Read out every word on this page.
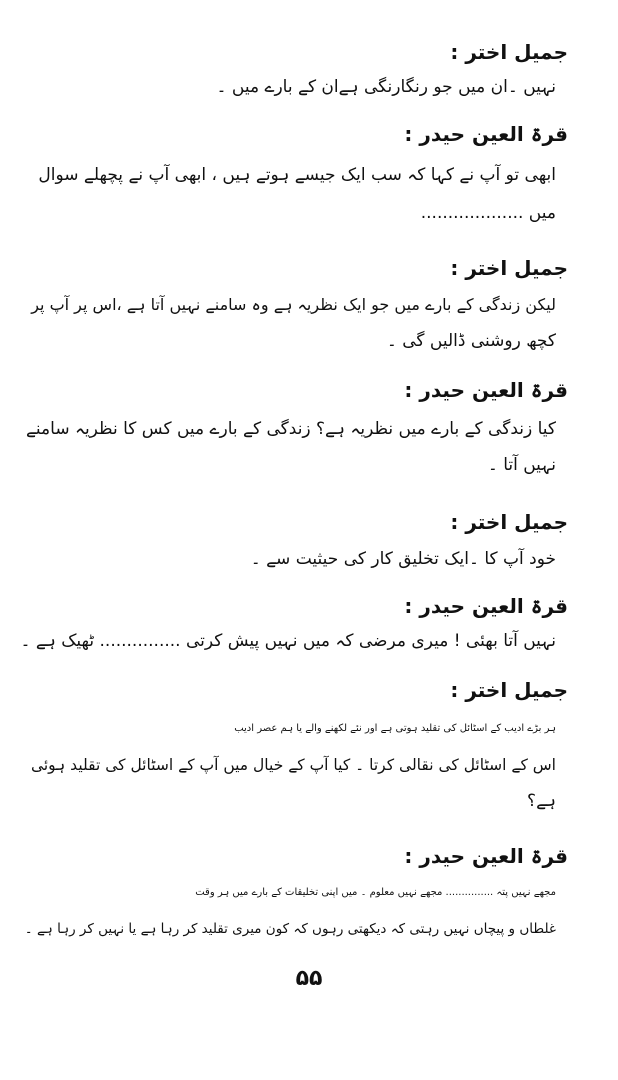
جمیل اختر :
نہیں ۔ان میں جو رنگارنگی ہےان کے بارے میں ۔
قرۃ العین حیدر :
ابھی تو آپ نے کہا کہ سب ایک جیسے ہوتے ہیں ، ابھی آپ نے پچھلے سوال
میں ...................
جمیل اختر :
لیکن زندگی کے بارے میں جو ایک نظریہ ہے وہ سامنے نہیں آتا ہے ،اس پر آپ پر
کچھ روشنی ڈالیں گی ۔
قرۃ العین حیدر :
کیا زندگی کے بارے میں نظریہ ہے؟ زندگی کے بارے میں کس کا نظریہ سامنے
نہیں آتا ۔
جمیل اختر :
خود آپ کا ۔ایک تخلیق کار کی حیثیت سے ۔
قرۃ العین حیدر :
نہیں آتا بھئی ! میری مرضی کہ میں نہیں پیش کرتی ............... ٹھیک ہے ۔
جمیل اختر :
ہر بڑے ادیب کے اسٹائل کی تقلید ہوتی ہے اور نئے لکھنے والے یا ہم عصر ادیب
اس کے اسٹائل کی نقالی کرتا ۔ کیا آپ کے خیال میں آپ کے اسٹائل کی تقلید ہوئی
ہے؟
قرۃ العین حیدر :
مجھے نہیں پتہ ............... مجھے نہیں معلوم ۔ میں اپنی تخلیقات کے بارے میں ہر وقت
غلطاں و پیچاں نہیں رہتی کہ دیکھتی رہوں کہ کون میری تقلید کر رہا ہے یا نہیں کر رہا ہے ۔
۵۵
